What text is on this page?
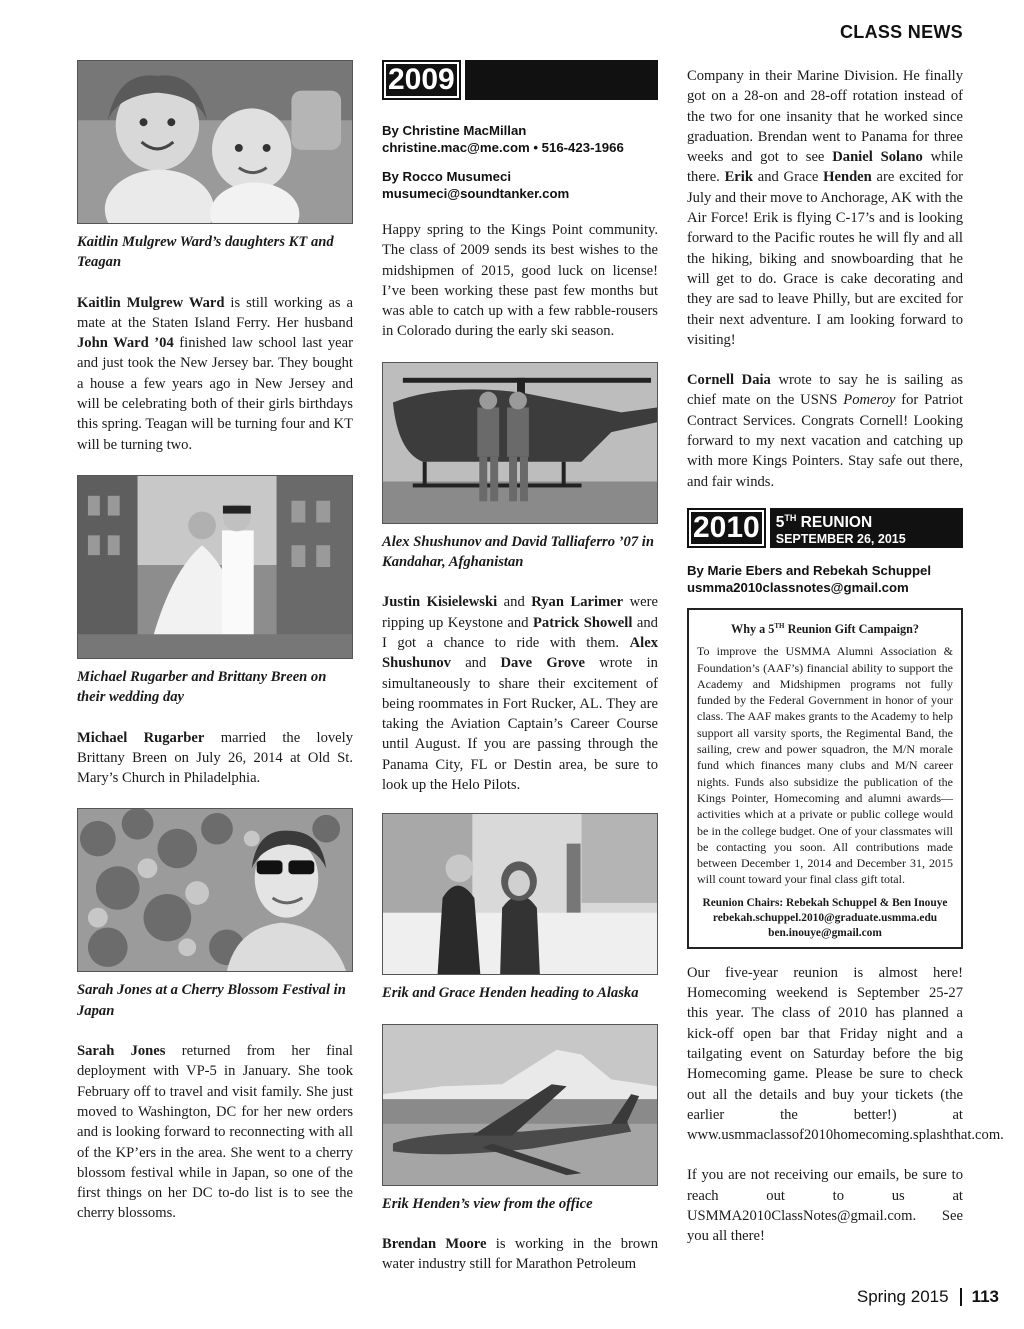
CLASS NEWS
Kaitlin Mulgrew Ward’s daughters KT and Teagan

Kaitlin Mulgrew Ward is still working as a mate at the Staten Island Ferry. Her husband John Ward ’04 finished law school last year and just took the New Jersey bar. They bought a house a few years ago in New Jersey and will be celebrating both of their girls birthdays this spring. Teagan will be turning four and KT will be turning two.

Michael Rugarber and Brittany Breen on their wedding day

Michael Rugarber married the lovely Brittany Breen on July 26, 2014 at Old St. Mary’s Church in Philadelphia.

Sarah Jones at a Cherry Blossom Festival in Japan

Sarah Jones returned from her final deployment with VP-5 in January. She took February off to travel and visit family. She just moved to Washington, DC for her new orders and is looking forward to reconnecting with all of the KP’ers in the area. She went to a cherry blossom festival while in Japan, so one of the first things on her DC to-do list is to see the cherry blossoms.

2009
By Christine MacMillan
christine.mac@me.com • 516-423-1966
By Rocco Musumeci
musumeci@soundtanker.com

Happy spring to the Kings Point community. The class of 2009 sends its best wishes to the midshipmen of 2015, good luck on license! I’ve been working these past few months but was able to catch up with a few rabble-rousers in Colorado during the early ski season.

Alex Shushunov and David Talliaferro ’07 in Kandahar, Afghanistan

Justin Kisielewski and Ryan Larimer were ripping up Keystone and Patrick Showell and I got a chance to ride with them. Alex Shushunov and Dave Grove wrote in simultaneously to share their excitement of being roommates in Fort Rucker, AL. They are taking the Aviation Captain’s Career Course until August. If you are passing through the Panama City, FL or Destin area, be sure to look up the Helo Pilots.

Erik and Grace Henden heading to Alaska
Erik Henden’s view from the office

Brendan Moore is working in the brown water industry still for Marathon Petroleum

Company in their Marine Division. He finally got on a 28-on and 28-off rotation instead of the two for one insanity that he worked since graduation. Brendan went to Panama for three weeks and got to see Daniel Solano while there. Erik and Grace Henden are excited for July and their move to Anchorage, AK with the Air Force! Erik is flying C-17’s and is looking forward to the Pacific routes he will fly and all the hiking, biking and snowboarding that he will get to do. Grace is cake decorating and they are sad to leave Philly, but are excited for their next adventure. I am looking forward to visiting!

Cornell Daia wrote to say he is sailing as chief mate on the USNS Pomeroy for Patriot Contract Services. Congrats Cornell! Looking forward to my next vacation and catching up with more Kings Pointers. Stay safe out there, and fair winds.

2010	5TH REUNION
SEPTEMBER 26, 2015
By Marie Ebers and Rebekah Schuppel
usmma2010classnotes@gmail.com
Why a 5TH Reunion Gift Campaign?
To improve the USMMA Alumni Association & Foundation’s (AAF’s) financial ability to support the Academy and Midshipmen programs not fully funded by the Federal Government in honor of your class. The AAF makes grants to the Academy to help support all varsity sports, the Regimental Band, the sailing, crew and power squadron, the M/N morale fund which finances many clubs and M/N career nights. Funds also subsidize the publication of the Kings Pointer, Homecoming and alumni awards—activities which at a private or public college would be in the college budget. One of your classmates will be contacting you soon. All contributions made between December 1, 2014 and December 31, 2015 will count toward your final class gift total.
Reunion Chairs: Rebekah Schuppel & Ben Inouye
rebekah.schuppel.2010@graduate.usmma.edu
ben.inouye@gmail.com

Our five-year reunion is almost here! Homecoming weekend is September 25-27 this year. The class of 2010 has planned a kick-off open bar that Friday night and a tailgating event on Saturday before the big Homecoming game. Please be sure to check out all the details and buy your tickets (the earlier the better!) at www.usmmaclassof2010homecoming.splashthat.com.

If you are not receiving our emails, be sure to reach out to us at USMMA2010ClassNotes@gmail.com. See you all there!

Spring 2015 113
